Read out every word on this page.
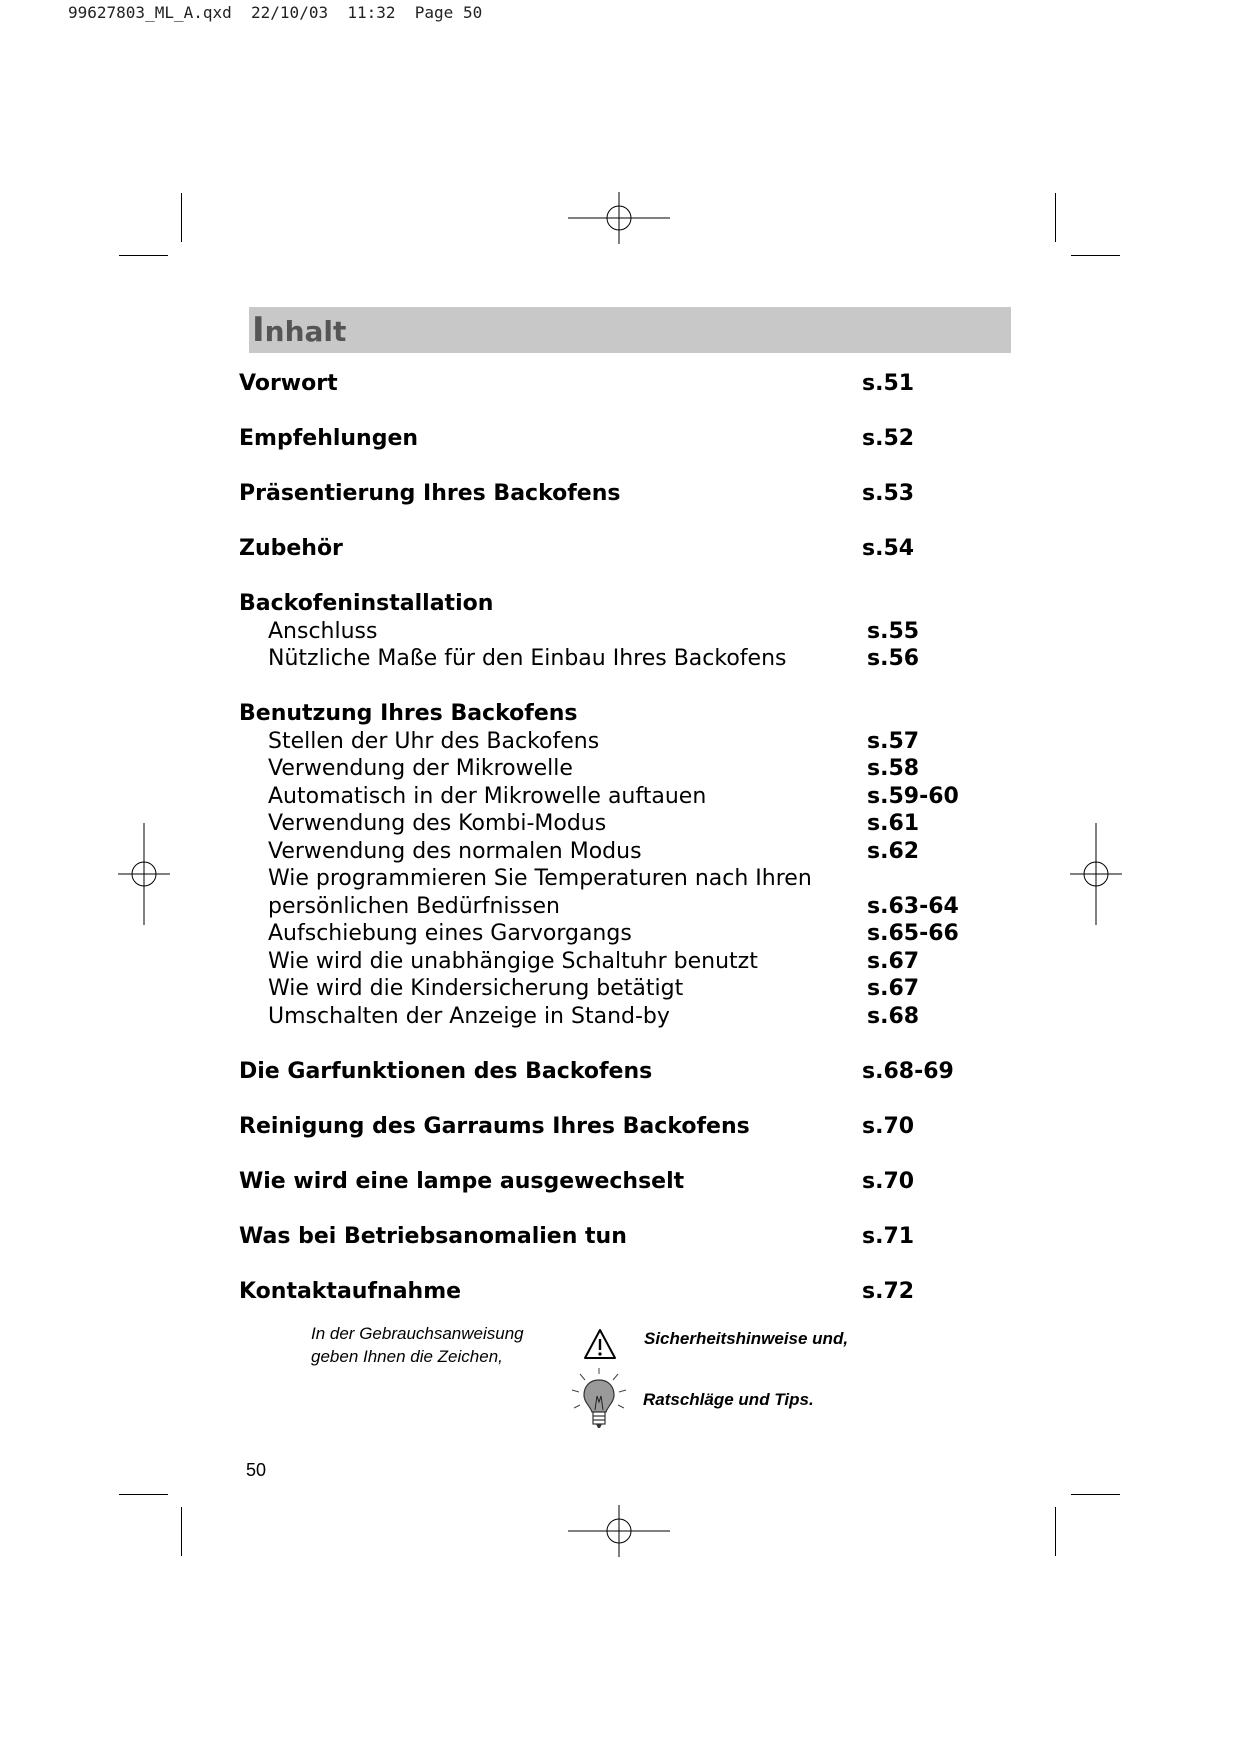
99627803_ML_A.qxd  22/10/03  11:32  Page 50
Inhalt
Vorwort	s.51
Empfehlungen	s.52
Präsentierung Ihres Backofens	s.53
Zubehör	s.54
Backofeninstallation
Anschluss	s.55
Nützliche Maße für den Einbau Ihres Backofens	s.56
Benutzung Ihres Backofens
Stellen der Uhr des Backofens	s.57
Verwendung der Mikrowelle	s.58
Automatisch in der Mikrowelle auftauen	s.59-60
Verwendung des Kombi-Modus	s.61
Verwendung des normalen Modus	s.62
Wie programmieren Sie Temperaturen nach Ihren
persönlichen Bedürfnissen	s.63-64
Aufschiebung eines Garvorgangs	s.65-66
Wie wird die unabhängige Schaltuhr benutzt	s.67
Wie wird die Kindersicherung betätigt	s.67
Umschalten der Anzeige in Stand-by	s.68
Die Garfunktionen des Backofens	s.68-69
Reinigung des Garraums Ihres Backofens	s.70
Wie wird eine lampe ausgewechselt	s.70
Was bei Betriebsanomalien tun	s.71
Kontaktaufnahme	s.72
In der Gebrauchsanweisung
geben Ihnen die Zeichen,
Sicherheitshinweise und,
Ratschläge und Tips.
50
